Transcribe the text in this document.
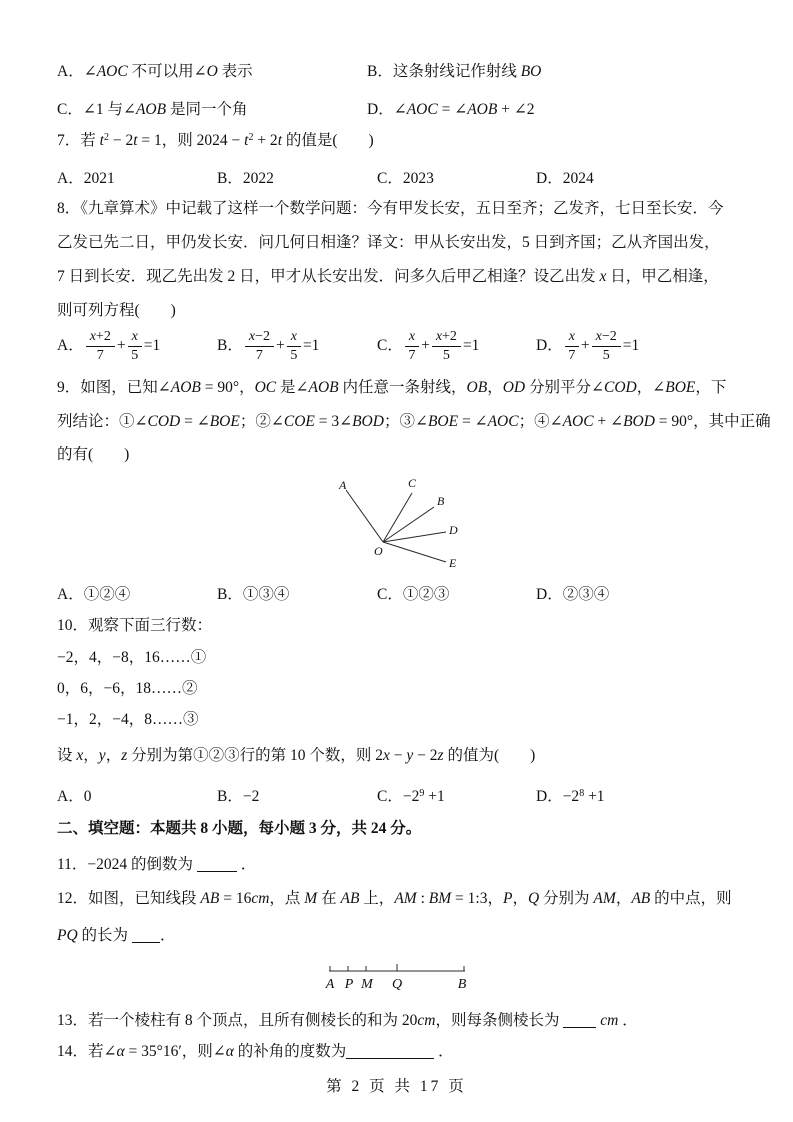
A．∠AOC 不可以用∠O 表示	B．这条射线记作射线 BO
C．∠1 与∠AOB 是同一个角	D．∠AOC = ∠AOB + ∠2
7．若 $t^2 - 2t = 1$，则 $2024 - t^2 + 2t$ 的值是(　　)
A．2021	B．2022	C．2023	D．2024
8．《九章算术》中记载了这样一个数学问题：今有甲发长安，五日至齐；乙发齐，七日至长安．今
乙发已先二日，甲仍发长安．问几何日相逢？译文：甲从长安出发，5 日到齐国；乙从齐国出发，
7 日到长安．现乙先出发 2 日，甲才从长安出发．问多久后甲乙相逢？设乙出发 x 日，甲乙相逢，
则可列方程(　　)
A． $\frac{x+2}{7} + \frac{x}{5} =1$	B． $\frac{x-2}{7} + \frac{x}{5} =1$	C． $\frac{x}{7} + \frac{x+2}{5} =1$	D． $\frac{x}{7} + \frac{x-2}{5} =1$
9．如图，已知∠AOB = 90°，OC 是∠AOB 内任意一条射线，OB，OD 分别平分∠COD，∠BOE，下
列结论：①∠COD = ∠BOE；②∠COE = 3∠BOD；③∠BOE = ∠AOC；④∠AOC + ∠BOD = 90°，其中正确
的有(　　)
A	C
B
D
E
O
A．①②④	B．①③④	C．①②③	D．②③④
10．观察下面三行数：
−2，4，−8，16……①
0，6，−6，18……②
−1，2，−4，8……③
设 x，y，z 分别为第①②③行的第 10 个数，则 2x − y − 2z 的值为(　　)
A．0	B．−2	C．$-2^9 +1$	D．$-2^8 +1$
二、填空题：本题共 8 小题，每小题 3 分，共 24 分。
11．−2024 的倒数为	．
12．如图，已知线段 AB = 16cm，点 M 在 AB 上，AM : BM = 1:3，P，Q 分别为 AM，AB 的中点，则
PQ 的长为 ．
A P M Q	B
13．若一个棱柱有 8 个顶点，且所有侧棱长的和为 20cm，则每条侧棱长为  cm ．
14．若∠α = 35°16′，则∠α 的补角的度数为	．
第 2 页 共 17 页
